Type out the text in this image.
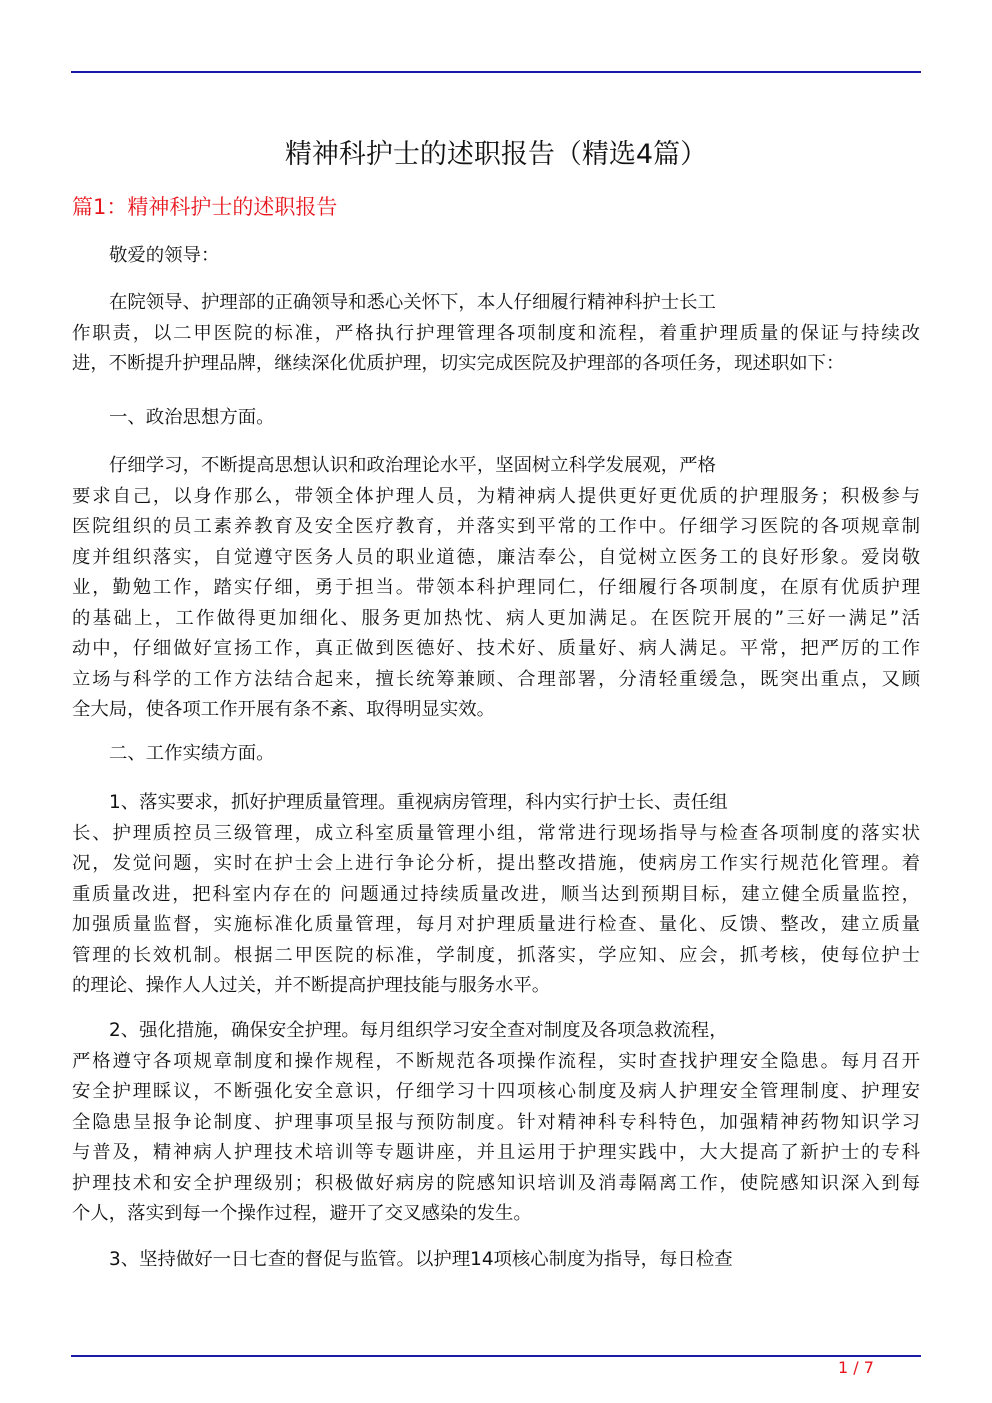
精神科护士的述职报告（精选4篇）
篇1：精神科护士的述职报告
敬爱的领导：
在院领导、护理部的正确领导和悉心关怀下，本人仔细履行精神科护士长工
作职责，以二甲医院的标准，严格执行护理管理各项制度和流程，着重护理质量的保证与持续改
进，不断提升护理品牌，继续深化优质护理，切实完成医院及护理部的各项任务，现述职如下：
一、政治思想方面。
仔细学习，不断提高思想认识和政治理论水平，坚固树立科学发展观，严格
要求自己，以身作那么，带领全体护理人员，为精神病人提供更好更优质的护理服务；积极参与
医院组织的员工素养教育及安全医疗教育，并落实到平常的工作中。仔细学习医院的各项规章制
度并组织落实，自觉遵守医务人员的职业道德，廉洁奉公，自觉树立医务工的良好形象。爱岗敬
业，勤勉工作，踏实仔细，勇于担当。带领本科护理同仁，仔细履行各项制度，在原有优质护理
的基础上，工作做得更加细化、服务更加热忱、病人更加满足。在医院开展的”三好一满足”活
动中，仔细做好宣扬工作，真正做到医德好、技术好、质量好、病人满足。平常，把严厉的工作
立场与科学的工作方法结合起来，擅长统筹兼顾、合理部署，分清轻重缓急，既突出重点，又顾
全大局，使各项工作开展有条不紊、取得明显实效。
二、工作实绩方面。
1、落实要求，抓好护理质量管理。重视病房管理，科内实行护士长、责任组
长、护理质控员三级管理，成立科室质量管理小组，常常进行现场指导与检查各项制度的落实状
况，发觉问题，实时在护士会上进行争论分析，提出整改措施，使病房工作实行规范化管理。着
重质量改进，把科室内存在的 问题通过持续质量改进，顺当达到预期目标，建立健全质量监控，
加强质量监督，实施标准化质量管理，每月对护理质量进行检查、量化、反馈、整改，建立质量
管理的长效机制。根据二甲医院的标准，学制度，抓落实，学应知、应会，抓考核，使每位护士
的理论、操作人人过关，并不断提高护理技能与服务水平。
2、强化措施，确保安全护理。每月组织学习安全查对制度及各项急救流程，
严格遵守各项规章制度和操作规程，不断规范各项操作流程，实时查找护理安全隐患。每月召开
安全护理睬议，不断强化安全意识，仔细学习十四项核心制度及病人护理安全管理制度、护理安
全隐患呈报争论制度、护理事项呈报与预防制度。针对精神科专科特色，加强精神药物知识学习
与普及，精神病人护理技术培训等专题讲座，并且运用于护理实践中，大大提高了新护士的专科
护理技术和安全护理级别；积极做好病房的院感知识培训及消毒隔离工作，使院感知识深入到每
个人，落实到每一个操作过程，避开了交叉感染的发生。
3、坚持做好一日七查的督促与监管。以护理14项核心制度为指导，每日检查
1 / 7
